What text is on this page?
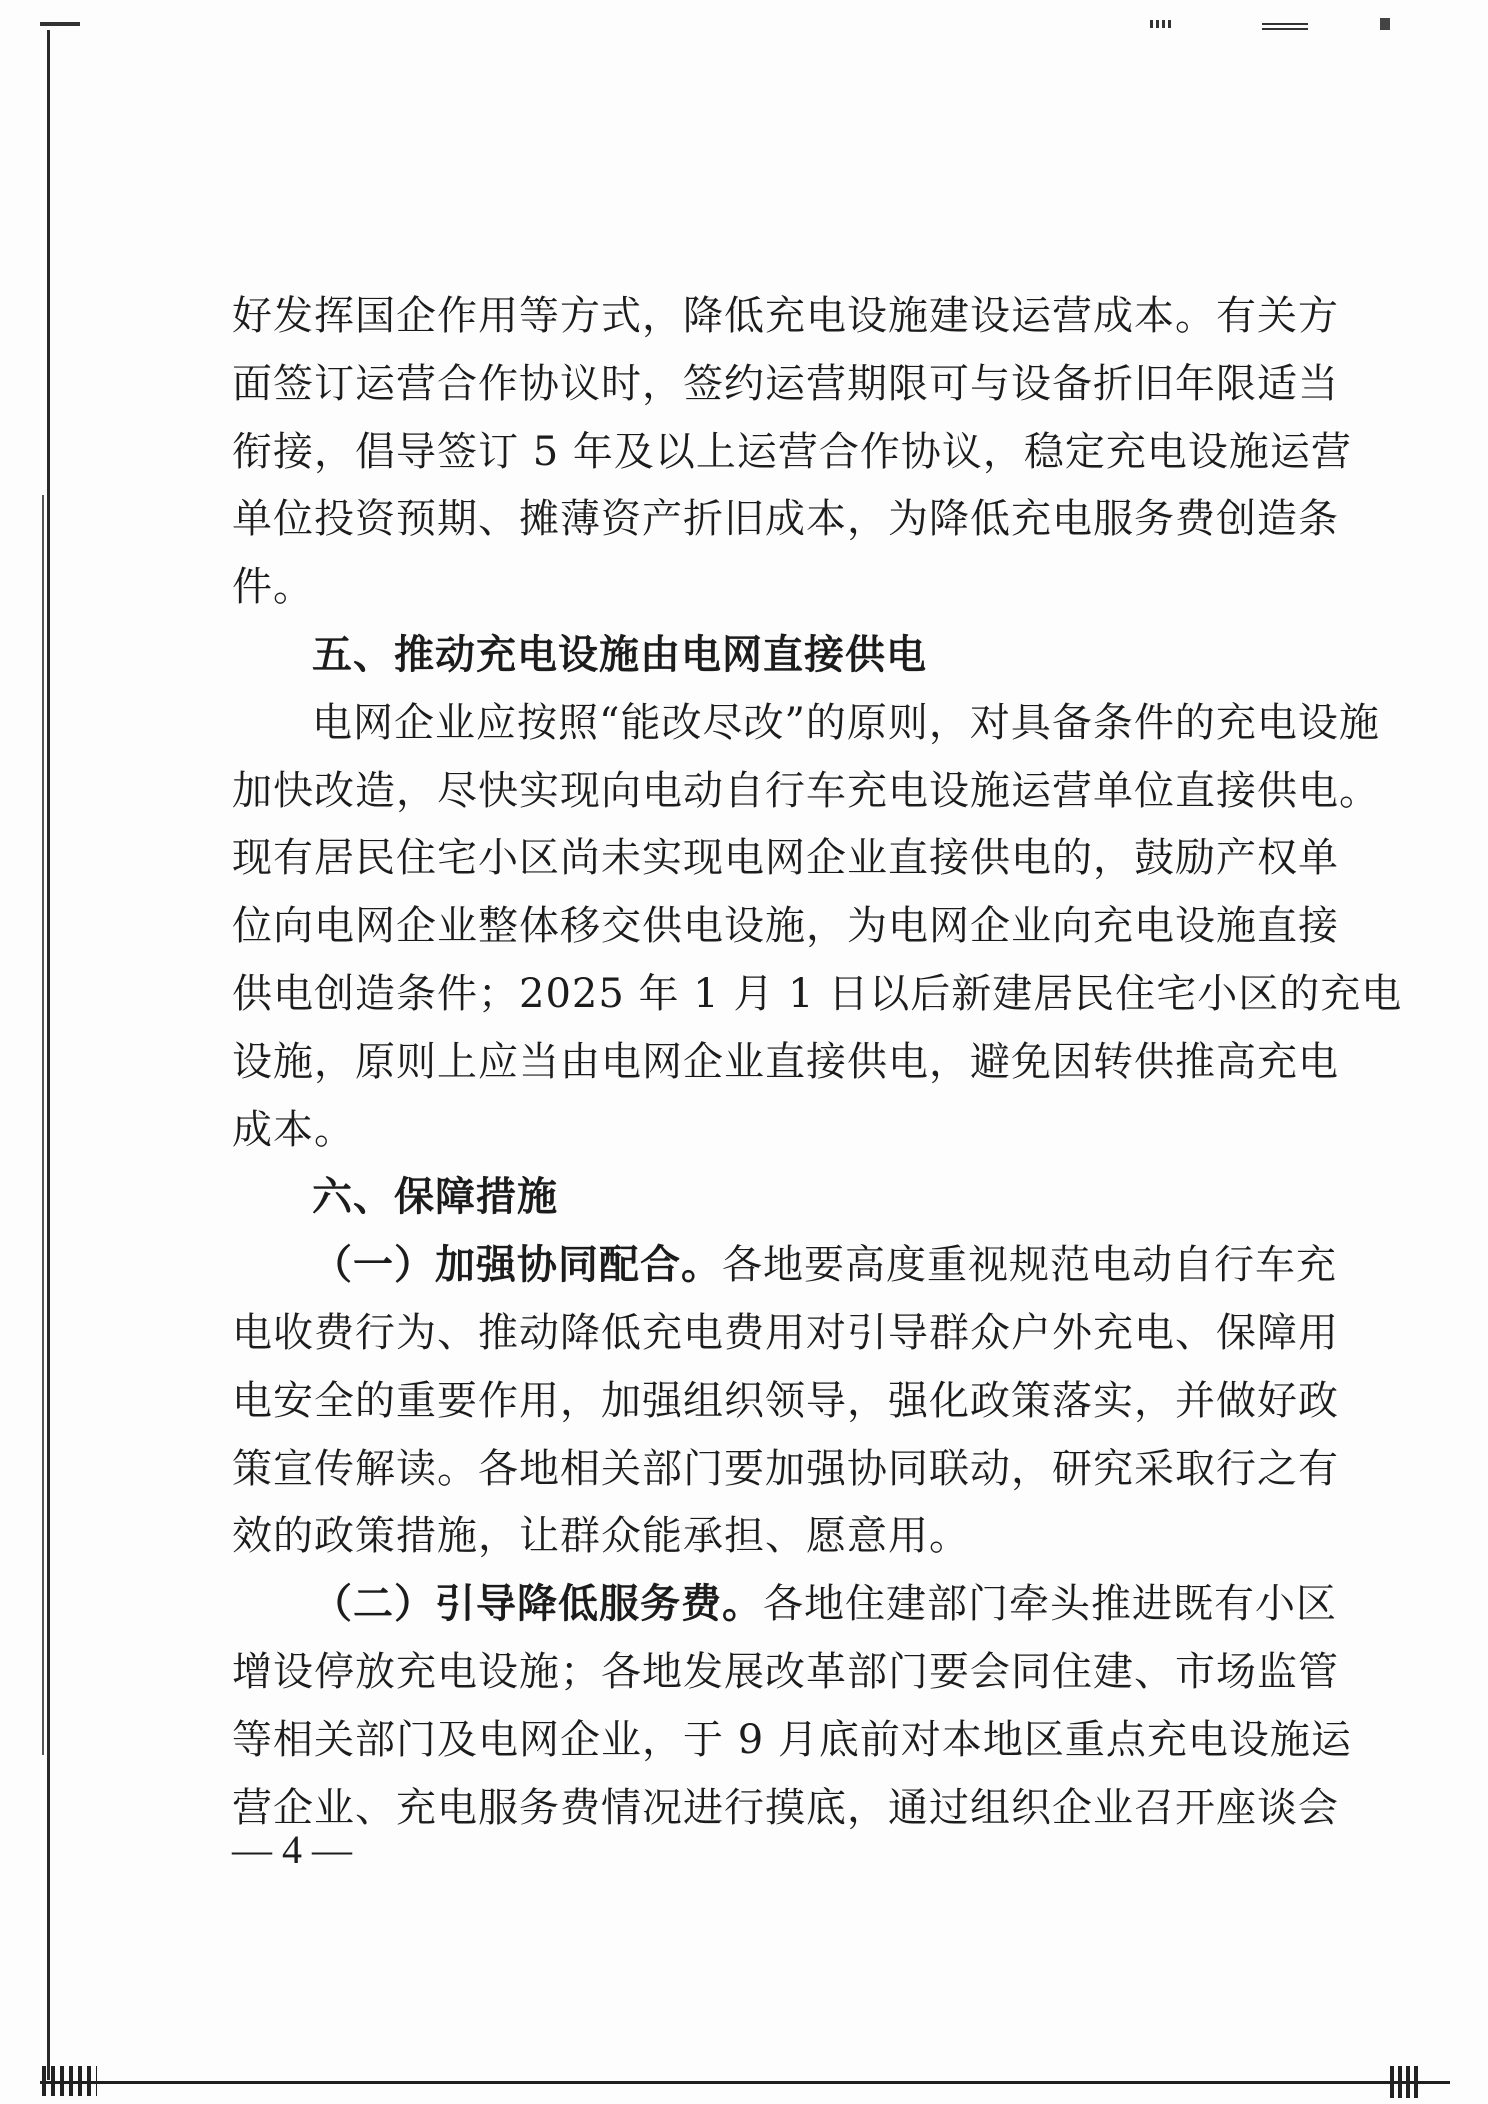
好发挥国企作用等方式，降低充电设施建设运营成本。有关方
面签订运营合作协议时，签约运营期限可与设备折旧年限适当
衔接，倡导签订 5 年及以上运营合作协议，稳定充电设施运营
单位投资预期、摊薄资产折旧成本，为降低充电服务费创造条
件。
五、推动充电设施由电网直接供电
电网企业应按照“能改尽改”的原则，对具备条件的充电设施
加快改造，尽快实现向电动自行车充电设施运营单位直接供电。
现有居民住宅小区尚未实现电网企业直接供电的，鼓励产权单
位向电网企业整体移交供电设施，为电网企业向充电设施直接
供电创造条件；2025 年 1 月 1 日以后新建居民住宅小区的充电
设施，原则上应当由电网企业直接供电，避免因转供推高充电
成本。
六、保障措施
（一）加强协同配合。各地要高度重视规范电动自行车充
电收费行为、推动降低充电费用对引导群众户外充电、保障用
电安全的重要作用，加强组织领导，强化政策落实，并做好政
策宣传解读。各地相关部门要加强协同联动，研究采取行之有
效的政策措施，让群众能承担、愿意用。
（二）引导降低服务费。各地住建部门牵头推进既有小区
增设停放充电设施；各地发展改革部门要会同住建、市场监管
等相关部门及电网企业，于 9 月底前对本地区重点充电设施运
营企业、充电服务费情况进行摸底，通过组织企业召开座谈会
— 4 —
